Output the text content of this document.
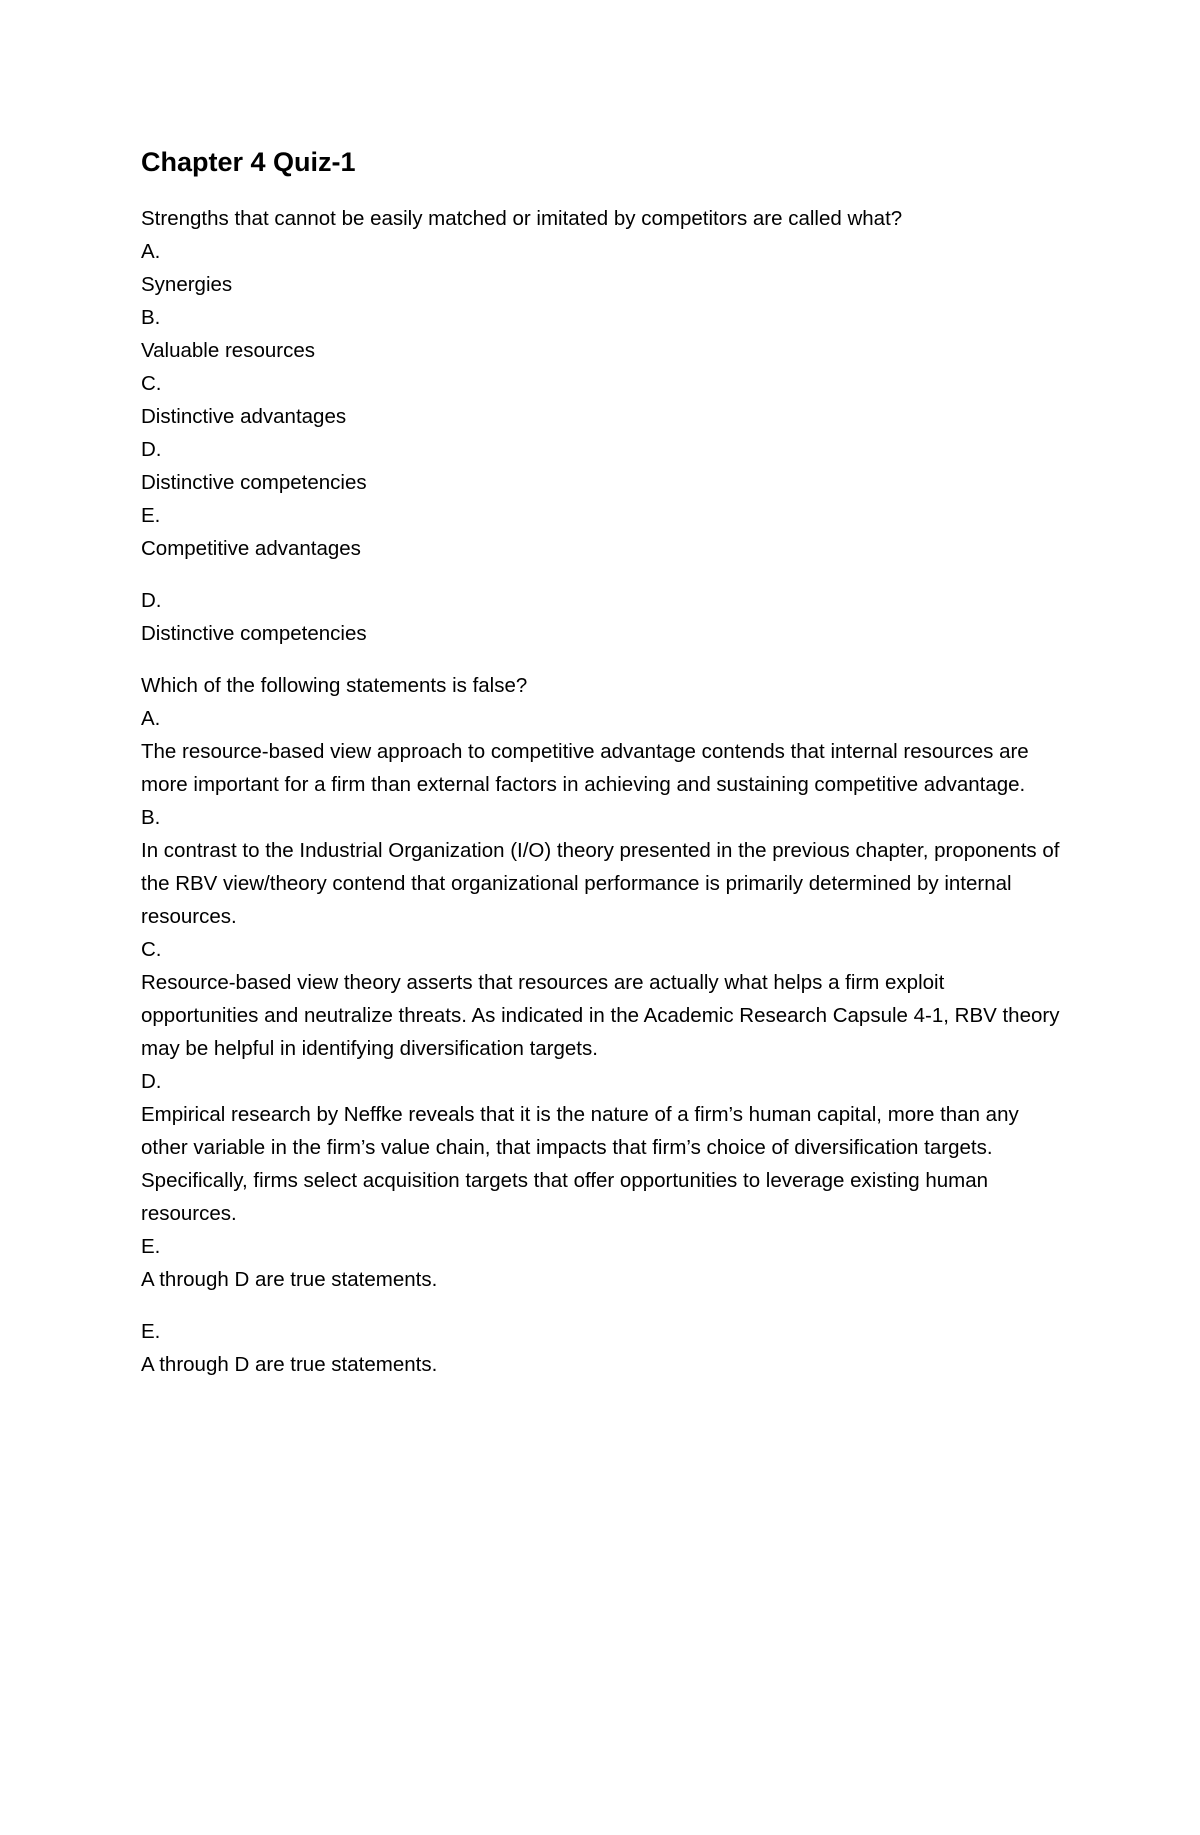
Chapter 4 Quiz-1

Strengths that cannot be easily matched or imitated by competitors are called what?

A.

Synergies

B.

Valuable resources

C.

Distinctive advantages

D.

Distinctive competencies

E.

Competitive advantages

D.

Distinctive competencies

Which of the following statements is false?

A.

The resource-based view approach to competitive advantage contends that internal resources are more important for a firm than external factors in achieving and sustaining competitive advantage.

B.

In contrast to the Industrial Organization (I/O) theory presented in the previous chapter, proponents of the RBV view/theory contend that organizational performance is primarily determined by internal resources.

C.

Resource-based view theory asserts that resources are actually what helps a firm exploit opportunities and neutralize threats. As indicated in the Academic Research Capsule 4-1, RBV theory may be helpful in identifying diversification targets.

D.

Empirical research by Neffke reveals that it is the nature of a firm’s human capital, more than any other variable in the firm’s value chain, that impacts that firm’s choice of diversification targets. Specifically, firms select acquisition targets that offer opportunities to leverage existing human resources.

E.

A through D are true statements.

E.

A through D are true statements.
